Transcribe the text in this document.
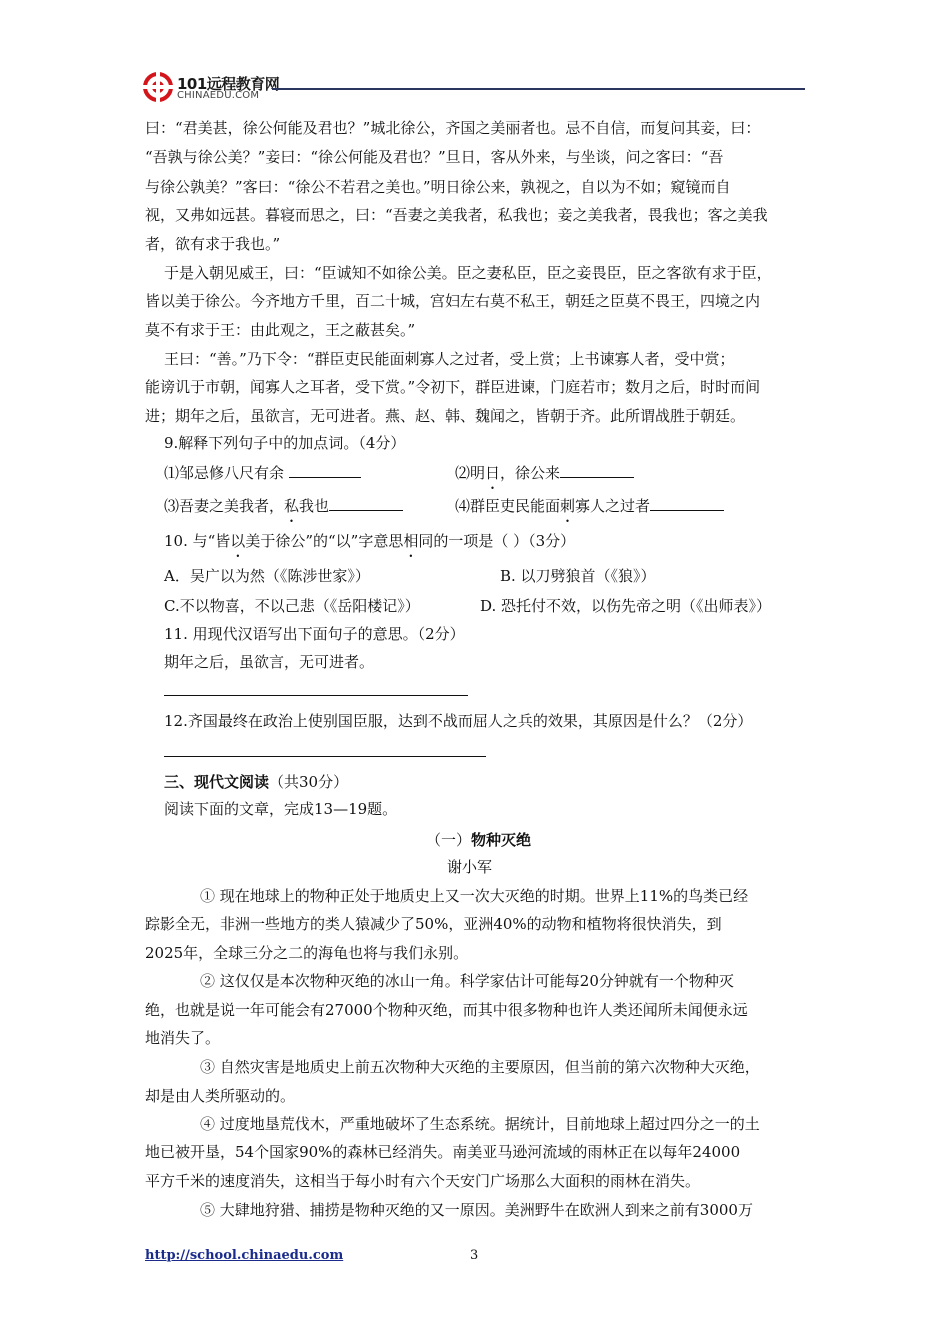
101远程教育网
CHINAEDU.COM
曰：“君美甚，徐公何能及君也？”城北徐公，齐国之美丽者也。忌不自信，而复问其妾，曰：
“吾孰与徐公美？”妾曰：“徐公何能及君也？”旦日，客从外来，与坐谈，问之客曰：“吾
与徐公孰美？”客曰：“徐公不若君之美也。”明日徐公来，孰视之，自以为不如；窥镜而自
视，又弗如远甚。暮寝而思之，曰：“吾妻之美我者，私我也；妾之美我者，畏我也；客之美我
者，欲有求于我也。”
于是入朝见威王，曰：“臣诚知不如徐公美。臣之妻私臣，臣之妾畏臣，臣之客欲有求于臣，
皆以美于徐公。今齐地方千里，百二十城，宫妇左右莫不私王，朝廷之臣莫不畏王，四境之内
莫不有求于王：由此观之，王之蔽甚矣。”
王曰：“善。”乃下令：“群臣吏民能面刺寡人之过者，受上赏；上书谏寡人者，受中赏；
能谤讥于市朝，闻寡人之耳者，受下赏。”令初下，群臣进谏，门庭若市；数月之后，时时而间
进；期年之后，虽欲言，无可进者。燕、赵、韩、魏闻之，皆朝于齐。此所谓战胜于朝廷。
9.解释下列句子中的加点词。（4分）
⑴邹忌修八尺有余	⑵明日，徐公来
⑶吾妻之美我者，私我也	⑷群臣吏民能面刺寡人之过者
10. 与“皆以美于徐公”的“以”字意思相同的一项是（ ）（3分）
A．吴广以为然（《陈涉世家》）	B. 以刀劈狼首（《狼》）
C.不以物喜，不以己悲（《岳阳楼记》）	D. 恐托付不效，以伤先帝之明（《出师表》）
11. 用现代汉语写出下面句子的意思。（2分）
期年之后，虽欲言，无可进者。
12.齐国最终在政治上使别国臣服，达到不战而屈人之兵的效果，其原因是什么？（2分）
三、现代文阅读（共30分）
阅读下面的文章，完成13—19题。
（一）物种灭绝
谢小军
① 现在地球上的物种正处于地质史上又一次大灭绝的时期。世界上11%的鸟类已经
踪影全无，非洲一些地方的类人猿减少了50%，亚洲40%的动物和植物将很快消失，到
2025年，全球三分之二的海龟也将与我们永别。
② 这仅仅是本次物种灭绝的冰山一角。科学家估计可能每20分钟就有一个物种灭
绝，也就是说一年可能会有27000个物种灭绝，而其中很多物种也许人类还闻所未闻便永远
地消失了。
③ 自然灾害是地质史上前五次物种大灭绝的主要原因，但当前的第六次物种大灭绝，
却是由人类所驱动的。
④ 过度地垦荒伐木，严重地破坏了生态系统。据统计，目前地球上超过四分之一的土
地已被开垦，54个国家90%的森林已经消失。南美亚马逊河流域的雨林正在以每年24000
平方千米的速度消失，这相当于每小时有六个天安门广场那么大面积的雨林在消失。
⑤ 大肆地狩猎、捕捞是物种灭绝的又一原因。美洲野牛在欧洲人到来之前有3000万
http://school.chinaedu.com	3
